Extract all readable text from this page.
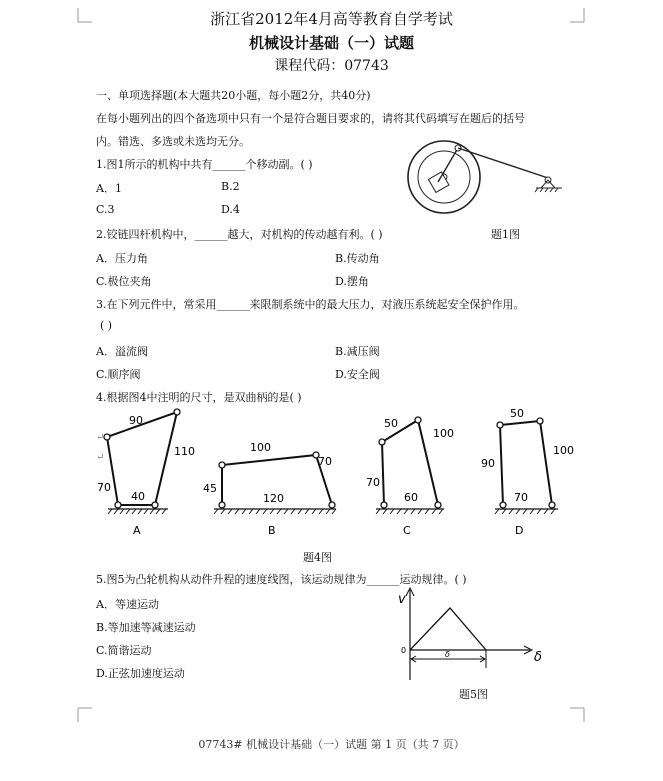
浙江省2012年4月高等教育自学考试
机械设计基础（一）试题
课程代码：07743
一、单项选择题(本大题共20小题，每小题2分，共40分)
在每小题列出的四个备选项中只有一个是符合题目要求的，请将其代码填写在题后的括号
内。错选、多选或未选均无分。
1.图1所示的机构中共有______个移动副。( )
A．1	B.2
C.3	D.4
2.铰链四杆机构中，______越大，对机构的传动越有利。( )	题1图
A．压力角	B.传动角
C.极位夹角	D.摆角
3.在下列元件中，常采用______来限制系统中的最大压力，对液压系统起安全保护作用。
( )
A．溢流阀	B.减压阀
C.顺序阀	D.安全阀
4.根据图4中注明的尺寸，是双曲柄的是( )
90
110
70
40
A
100
70
45
120
B
50
100
70
60
C
50
100
90
70
D
↵
↵
题4图
5.图5为凸轮机构从动件升程的速度线图，该运动规律为______运动规律。( )
A．等速运动
B.等加速等减速运动
C.简谐运动
D.正弦加速度运动
v
δ
0	δ
题5图
07743# 机械设计基础（一）试题 第 1 页（共 7 页）
